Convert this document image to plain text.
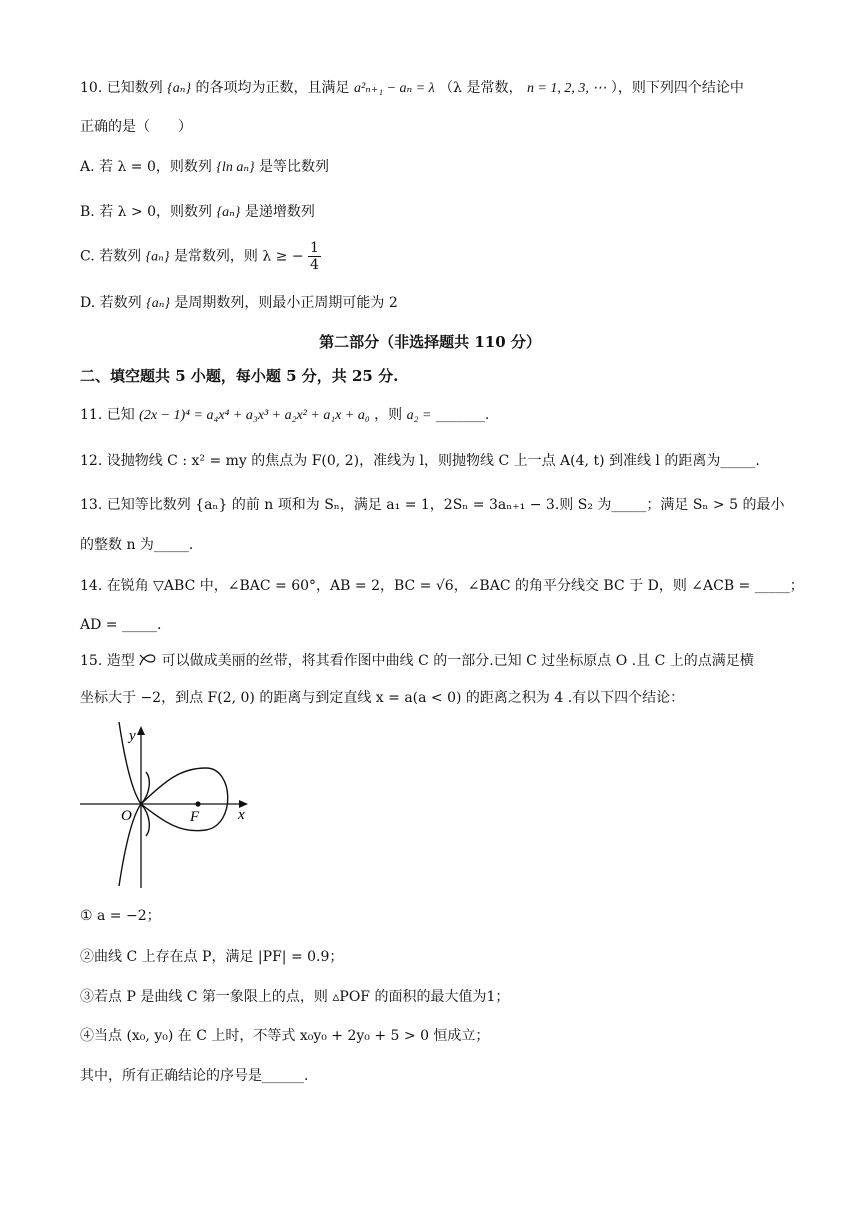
10. 已知数列 {aₙ} 的各项均为正数，且满足 a²ₙ₊₁ − aₙ = λ （λ 是常数， n = 1, 2, 3, ⋯ ），则下列四个结论中
正确的是（　　）
A. 若 λ = 0，则数列 {ln aₙ} 是等比数列
B. 若 λ > 0，则数列 {aₙ} 是递增数列
C. 若数列 {aₙ} 是常数列，则 λ ≥ − $\frac{1}{4}$
D. 若数列 {aₙ} 是周期数列，则最小正周期可能为 2
第二部分（非选择题共 110 分）
二、填空题共 5 小题，每小题 5 分，共 25 分.
11. 已知 (2x − 1)⁴ = a₄x⁴ + a₃x³ + a₂x² + a₁x + a₀ ，则 a₂ = _______.
12. 设抛物线 C : x² = my 的焦点为 F(0, 2)，准线为 l，则抛物线 C 上一点 A(4, t) 到准线 l 的距离为_____.
13. 已知等比数列 {aₙ} 的前 n 项和为 Sₙ，满足 a₁ = 1，2Sₙ = 3aₙ₊₁ − 3.则 S₂ 为_____；满足 Sₙ > 5 的最小
的整数 n 为_____.
14. 在锐角 ▽ABC 中，∠BAC = 60°，AB = 2，BC = √6，∠BAC 的角平分线交 BC 于 D，则 ∠ACB = _____；
AD = _____.
15. 造型 可以做成美丽的丝带，将其看作图中曲线 C 的一部分.已知 C 过坐标原点 O .且 C 上的点满足横
坐标大于 −2，到点 F(2, 0) 的距离与到定直线 x = a(a < 0) 的距离之积为 4 .有以下四个结论：
y
x
O	F
① a = −2；
②曲线 C 上存在点 P，满足 |PF| = 0.9；
③若点 P 是曲线 C 第一象限上的点，则 ▵POF 的面积的最大值为1；
④当点 (x₀, y₀) 在 C 上时，不等式 x₀y₀ + 2y₀ + 5 > 0 恒成立；
其中，所有正确结论的序号是______.
